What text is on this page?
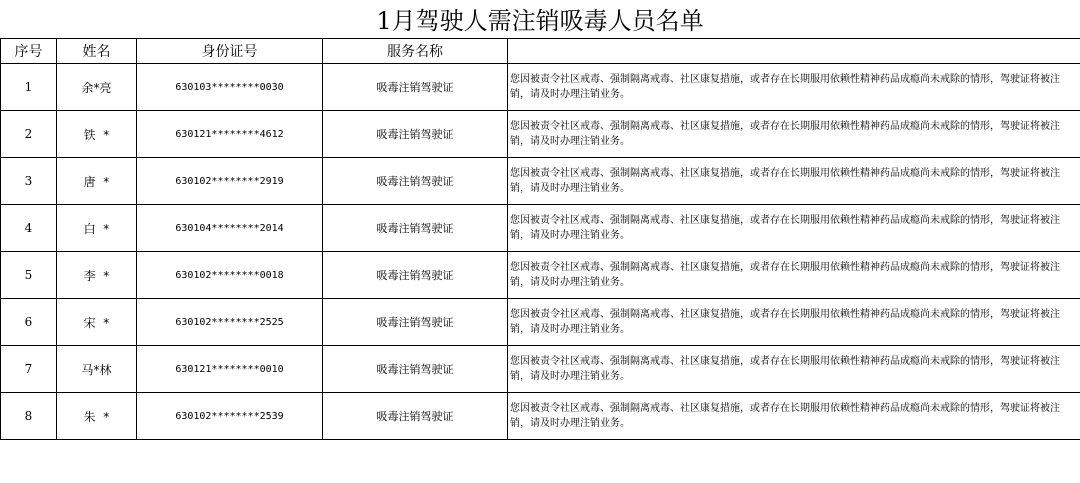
1月驾驶人需注销吸毒人员名单
序号	姓名	身份证号	服务名称	
1	余*亮	630103********0030	吸毒注销驾驶证	您因被责令社区戒毒、强制隔离戒毒、社区康复措施，或者存在长期服用依赖性精神药品成瘾尚未戒除的情形，驾驶证将被注销，请及时办理注销业务。
2	铁  *	630121********4612	吸毒注销驾驶证	您因被责令社区戒毒、强制隔离戒毒、社区康复措施，或者存在长期服用依赖性精神药品成瘾尚未戒除的情形，驾驶证将被注销，请及时办理注销业务。
3	唐  *	630102********2919	吸毒注销驾驶证	您因被责令社区戒毒、强制隔离戒毒、社区康复措施，或者存在长期服用依赖性精神药品成瘾尚未戒除的情形，驾驶证将被注销，请及时办理注销业务。
4	白  *	630104********2014	吸毒注销驾驶证	您因被责令社区戒毒、强制隔离戒毒、社区康复措施，或者存在长期服用依赖性精神药品成瘾尚未戒除的情形，驾驶证将被注销，请及时办理注销业务。
5	李  *	630102********0018	吸毒注销驾驶证	您因被责令社区戒毒、强制隔离戒毒、社区康复措施，或者存在长期服用依赖性精神药品成瘾尚未戒除的情形，驾驶证将被注销，请及时办理注销业务。
6	宋  *	630102********2525	吸毒注销驾驶证	您因被责令社区戒毒、强制隔离戒毒、社区康复措施，或者存在长期服用依赖性精神药品成瘾尚未戒除的情形，驾驶证将被注销，请及时办理注销业务。
7	马*林	630121********0010	吸毒注销驾驶证	您因被责令社区戒毒、强制隔离戒毒、社区康复措施，或者存在长期服用依赖性精神药品成瘾尚未戒除的情形，驾驶证将被注销，请及时办理注销业务。
8	朱  *	630102********2539	吸毒注销驾驶证	您因被责令社区戒毒、强制隔离戒毒、社区康复措施，或者存在长期服用依赖性精神药品成瘾尚未戒除的情形，驾驶证将被注销，请及时办理注销业务。
